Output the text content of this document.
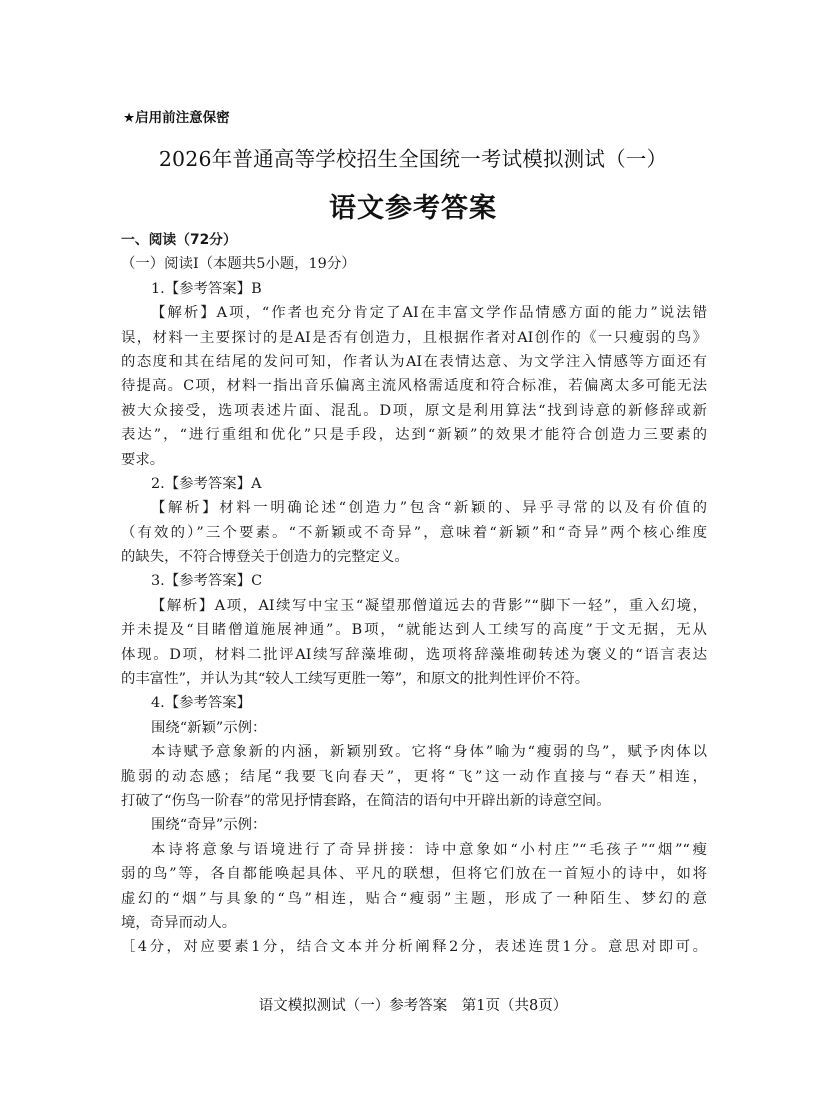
★启用前注意保密
2026年普通高等学校招生全国统一考试模拟测试（一）
语文参考答案
一、阅读（72分）
（一）阅读Ⅰ（本题共5小题，19分）
1.【参考答案】B
【解析】A项，“作者也充分肯定了AI在丰富文学作品情感方面的能力”说法错
误，材料一主要探讨的是AI是否有创造力，且根据作者对AI创作的《一只瘦弱的鸟》
的态度和其在结尾的发问可知，作者认为AI在表情达意、为文学注入情感等方面还有
待提高。C项，材料一指出音乐偏离主流风格需适度和符合标准，若偏离太多可能无法
被大众接受，选项表述片面、混乱。D项，原文是利用算法“找到诗意的新修辞或新
表达”，“进行重组和优化”只是手段，达到“新颖”的效果才能符合创造力三要素的
要求。
2.【参考答案】A
【解析】材料一明确论述“创造力”包含“新颖的、异乎寻常的以及有价值的
（有效的）”三个要素。“不新颖或不奇异”，意味着“新颖”和“奇异”两个核心维度
的缺失，不符合博登关于创造力的完整定义。
3.【参考答案】C
【解析】A项，AI续写中宝玉“凝望那僧道远去的背影”“脚下一轻”，重入幻境，
并未提及“目睹僧道施展神通”。B项，“就能达到人工续写的高度”于文无据，无从
体现。D项，材料二批评AI续写辞藻堆砌，选项将辞藻堆砌转述为褒义的“语言表达
的丰富性”，并认为其“较人工续写更胜一筹”，和原文的批判性评价不符。
4.【参考答案】
围绕“新颖”示例：
本诗赋予意象新的内涵，新颖别致。它将“身体”喻为“瘦弱的鸟”，赋予肉体以
脆弱的动态感；结尾“我要飞向春天”，更将“飞”这一动作直接与“春天”相连，
打破了“伤鸟一阶春”的常见抒情套路，在简洁的语句中开辟出新的诗意空间。
围绕“奇异”示例：
本诗将意象与语境进行了奇异拼接：诗中意象如“小村庄”“毛孩子”“烟”“瘦
弱的鸟”等，各自都能唤起具体、平凡的联想，但将它们放在一首短小的诗中，如将
虚幻的“烟”与具象的“鸟”相连，贴合“瘦弱”主题，形成了一种陌生、梦幻的意
境，奇异而动人。
［4分，对应要素1分，结合文本并分析阐释2分，表述连贯1分。意思对即可。
语文模拟测试（一）参考答案　第1页（共8页）
